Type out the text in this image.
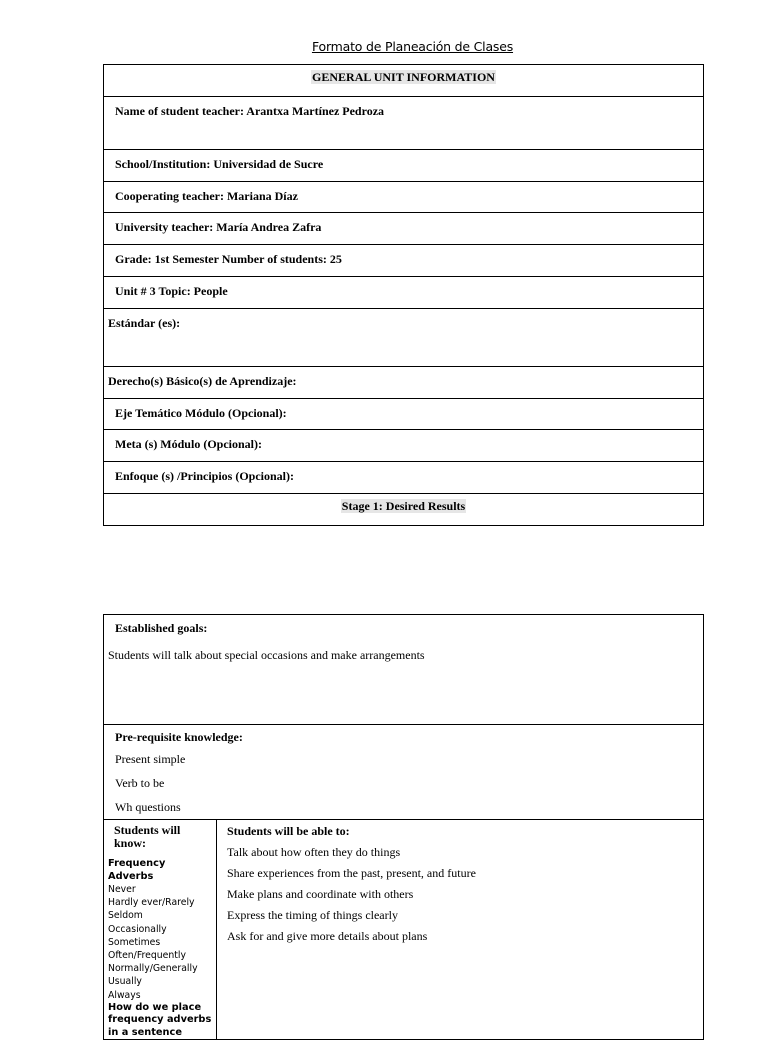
Formato de Planeación de Clases
GENERAL UNIT INFORMATION

Name of student teacher: Arantxa Martínez Pedroza

School/Institution: Universidad de Sucre

Cooperating teacher: Mariana Díaz

University teacher: María Andrea Zafra

Grade: 1st Semester Number of students: 25

Unit # 3 Topic: People

Estándar (es):

Derecho(s) Básico(s) de Aprendizaje:

Eje Temático Módulo (Opcional):

Meta (s) Módulo (Opcional):

Enfoque (s) /Principios (Opcional):

Stage 1: Desired Results
Established goals:
Students will talk about special occasions and make arrangements

Pre-requisite knowledge:
Present simple
Verb to be
Wh questions

Students will know:
Frequency Adverbs
Never
Hardly ever/Rarely
Seldom
Occasionally
Sometimes
Often/Frequently
Normally/Generally
Usually
Always
How do we place frequency adverbs in a sentence

Students will be able to:
Talk about how often they do things
Share experiences from the past, present, and future
Make plans and coordinate with others
Express the timing of things clearly
Ask for and give more details about plans
